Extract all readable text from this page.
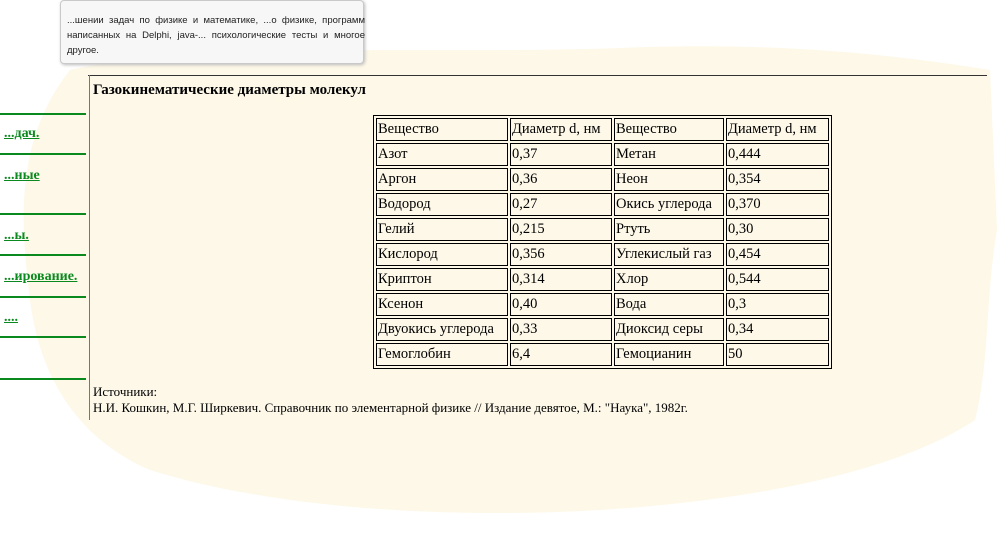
...шении задач по физике и математике, ...о физике, программ написанных на Delphi, java-... психологические тесты и многое другое.

...дач.
...ные
...ы.
...ирование.
....
Газокинематические диаметры молекул
Вещество	Диаметр d, нм	Вещество	Диаметр d, нм
Азот	0,37	Метан	0,444
Аргон	0,36	Неон	0,354
Водород	0,27	Окись углерода	0,370
Гелий	0,215	Ртуть	0,30
Кислород	0,356	Углекислый газ	0,454
Криптон	0,314	Хлор	0,544
Ксенон	0,40	Вода	0,3
Двуокись углерода	0,33	Диоксид серы	0,34
Гемоглобин	6,4	Гемоцианин	50
Источники:
Н.И. Кошкин, М.Г. Ширкевич. Справочник по элементарной физике // Издание девятое, М.: "Наука", 1982г.
